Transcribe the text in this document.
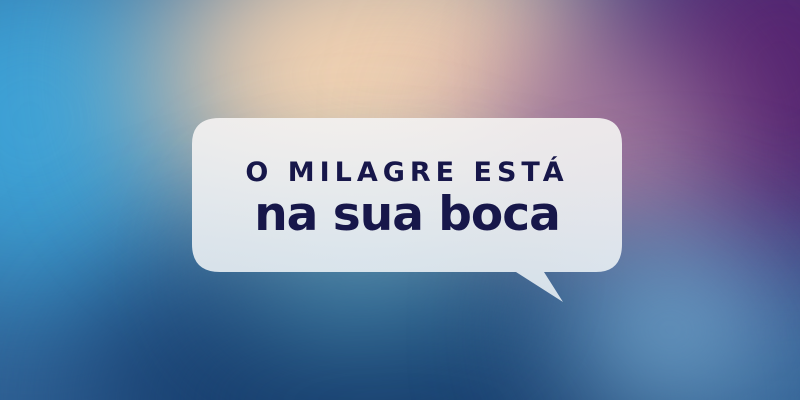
O MILAGRE ESTÁ
na sua boca
